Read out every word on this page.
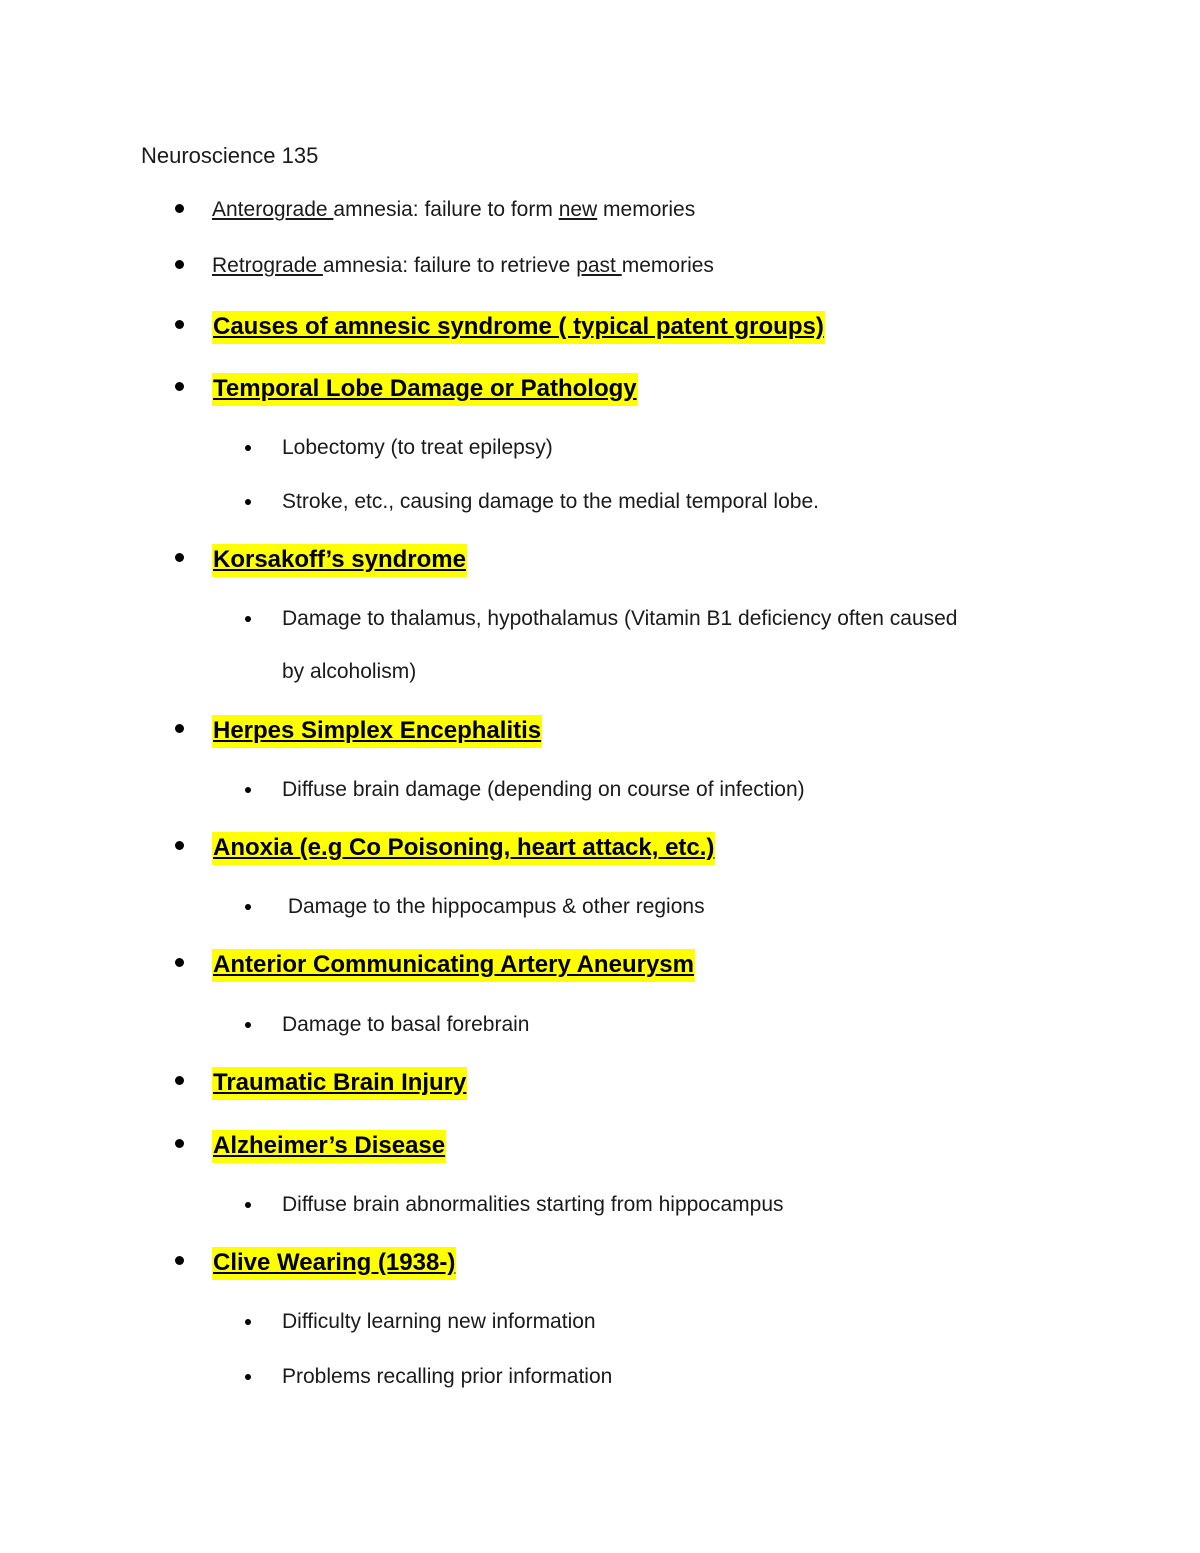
Neuroscience 135
Anterograde amnesia: failure to form new memories
Retrograde amnesia: failure to retrieve past memories
Causes of amnesic syndrome ( typical patent groups)
Temporal Lobe Damage or Pathology
Lobectomy (to treat epilepsy)
Stroke, etc., causing damage to the medial temporal lobe.
Korsakoff’s syndrome
Damage to thalamus, hypothalamus (Vitamin B1 deficiency often caused
by alcoholism)
Herpes Simplex Encephalitis
Diffuse brain damage (depending on course of infection)
Anoxia (e.g Co Poisoning, heart attack, etc.)
Damage to the hippocampus & other regions
Anterior Communicating Artery Aneurysm
Damage to basal forebrain
Traumatic Brain Injury
Alzheimer’s Disease
Diffuse brain abnormalities starting from hippocampus
Clive Wearing (1938-)
Difficulty learning new information
Problems recalling prior information
